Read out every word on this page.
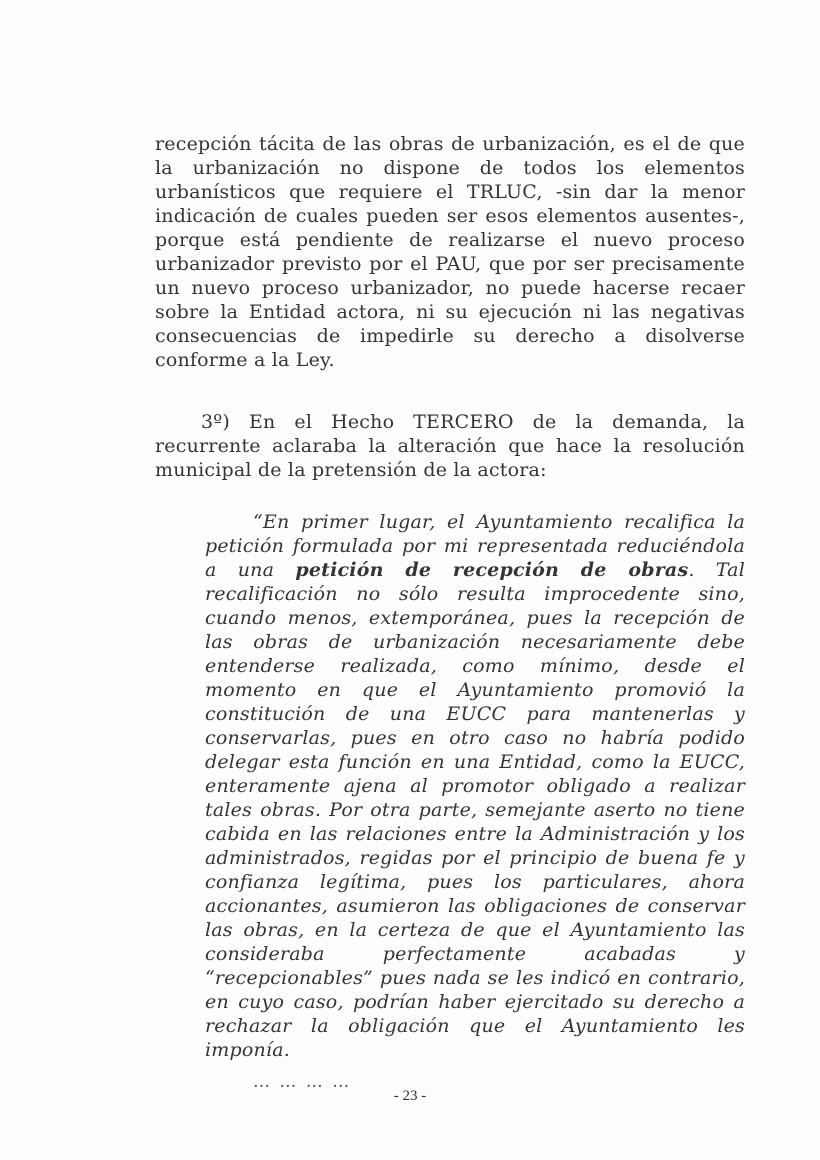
recepción tácita de las obras de urbanización, es el de que la urbanización no dispone de todos los elementos urbanísticos que requiere el TRLUC, -sin dar la menor indicación de cuales pueden ser esos elementos ausentes-, porque está pendiente de realizarse el nuevo proceso urbanizador previsto por el PAU, que por ser precisamente un nuevo proceso urbanizador, no puede hacerse recaer sobre la Entidad actora, ni su ejecución ni las negativas consecuencias de impedirle su derecho a disolverse conforme a la Ley.

3º) En el Hecho TERCERO de la demanda, la recurrente aclaraba la alteración que hace la resolución municipal de la pretensión de la actora:

“En primer lugar, el Ayuntamiento recalifica la petición formulada por mi representada reduciéndola a una petición de recepción de obras. Tal recalificación no sólo resulta improcedente sino, cuando menos, extemporánea, pues la recepción de las obras de urbanización necesariamente debe entenderse realizada, como mínimo, desde el momento en que el Ayuntamiento promovió la constitución de una EUCC para mantenerlas y conservarlas, pues en otro caso no habría podido delegar esta función en una Entidad, como la EUCC, enteramente ajena al promotor obligado a realizar tales obras. Por otra parte, semejante aserto no tiene cabida en las relaciones entre la Administración y los administrados, regidas por el principio de buena fe y confianza legítima, pues los particulares, ahora accionantes, asumieron las obligaciones de conservar las obras, en la certeza de que el Ayuntamiento las consideraba perfectamente acabadas y “recepcionables” pues nada se les indicó en contrario, en cuyo caso, podrían haber ejercitado su derecho a rechazar la obligación que el Ayuntamiento les imponía.

… … … …

- 23 -
